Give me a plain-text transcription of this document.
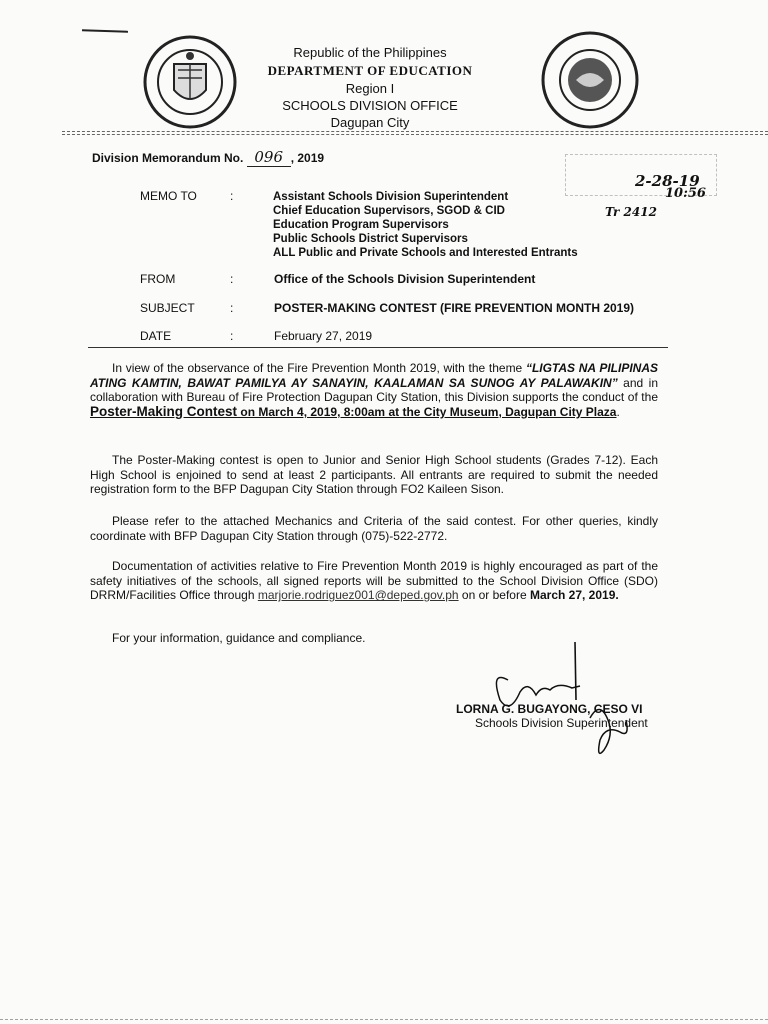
Republic of the Philippines
DEPARTMENT OF EDUCATION
Region I
SCHOOLS DIVISION OFFICE
Dagupan City
Division Memorandum No. 096 , 2019
2-28-19
10:56
Tr 2412
MEMO TO	:	Assistant Schools Division Superintendent
Chief Education Supervisors, SGOD & CID
Education Program Supervisors
Public Schools District Supervisors
ALL Public and Private Schools and Interested Entrants
FROM	:	Office of the Schools Division Superintendent
SUBJECT	:	POSTER-MAKING CONTEST (FIRE PREVENTION MONTH 2019)
DATE	:	February 27, 2019
In view of the observance of the Fire Prevention Month 2019, with the theme “LIGTAS NA PILIPINAS ATING KAMTIN, BAWAT PAMILYA AY SANAYIN, KAALAMAN SA SUNOG AY PALAWAKIN” and in collaboration with Bureau of Fire Protection Dagupan City Station, this Division supports the conduct of the Poster-Making Contest on March 4, 2019, 8:00am at the City Museum, Dagupan City Plaza.
The Poster-Making contest is open to Junior and Senior High School students (Grades 7-12). Each High School is enjoined to send at least 2 participants. All entrants are required to submit the needed registration form to the BFP Dagupan City Station through FO2 Kaileen Sison.
Please refer to the attached Mechanics and Criteria of the said contest. For other queries, kindly coordinate with BFP Dagupan City Station through (075)-522-2772.
Documentation of activities relative to Fire Prevention Month 2019 is highly encouraged as part of the safety initiatives of the schools, all signed reports will be submitted to the School Division Office (SDO) DRRM/Facilities Office through marjorie.rodriguez001@deped.gov.ph on or before March 27, 2019.
For your information, guidance and compliance.
LORNA G. BUGAYONG, CESO VI
Schools Division Superintendent
